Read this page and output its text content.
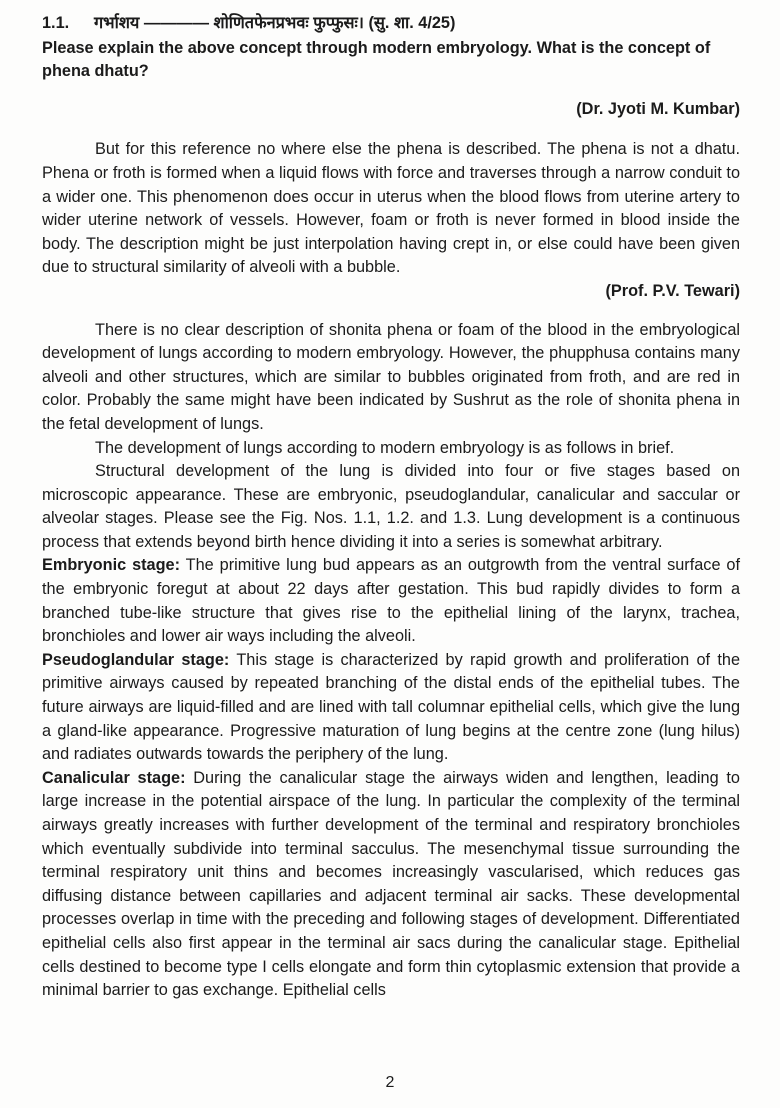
1.1. गर्भाशय ———— शोणितफेनप्रभवः फुप्फुसः। (सु. शा. 4/25)
Please explain the above concept through modern embryology. What is the concept of phena dhatu?
(Dr. Jyoti M. Kumbar)

But for this reference no where else the phena is described. The phena is not a dhatu. Phena or froth is formed when a liquid flows with force and traverses through a narrow conduit to a wider one. This phenomenon does occur in uterus when the blood flows from uterine artery to wider uterine network of vessels. However, foam or froth is never formed in blood inside the body. The description might be just interpolation having crept in, or else could have been given due to structural similarity of alveoli with a bubble.

(Prof. P.V. Tewari)

There is no clear description of shonita phena or foam of the blood in the embryological development of lungs according to modern embryology. However, the phupphusa contains many alveoli and other structures, which are similar to bubbles originated from froth, and are red in color. Probably the same might have been indicated by Sushrut as the role of shonita phena in the fetal development of lungs.

The development of lungs according to modern embryology is as follows in brief.

Structural development of the lung is divided into four or five stages based on microscopic appearance. These are embryonic, pseudoglandular, canalicular and saccular or alveolar stages. Please see the Fig. Nos. 1.1, 1.2. and 1.3. Lung development is a continuous process that extends beyond birth hence dividing it into a series is somewhat arbitrary.

Embryonic stage: The primitive lung bud appears as an outgrowth from the ventral surface of the embryonic foregut at about 22 days after gestation. This bud rapidly divides to form a branched tube-like structure that gives rise to the epithelial lining of the larynx, trachea, bronchioles and lower air ways including the alveoli.

Pseudoglandular stage: This stage is characterized by rapid growth and proliferation of the primitive airways caused by repeated branching of the distal ends of the epithelial tubes. The future airways are liquid-filled and are lined with tall columnar epithelial cells, which give the lung a gland-like appearance. Progressive maturation of lung begins at the centre zone (lung hilus) and radiates outwards towards the periphery of the lung.

Canalicular stage: During the canalicular stage the airways widen and lengthen, leading to large increase in the potential airspace of the lung. In particular the complexity of the terminal airways greatly increases with further development of the terminal and respiratory bronchioles which eventually subdivide into terminal sacculus. The mesenchymal tissue surrounding the terminal respiratory unit thins and becomes increasingly vascularised, which reduces gas diffusing distance between capillaries and adjacent terminal air sacks. These developmental processes overlap in time with the preceding and following stages of development. Differentiated epithelial cells also first appear in the terminal air sacs during the canalicular stage. Epithelial cells destined to become type I cells elongate and form thin cytoplasmic extension that provide a minimal barrier to gas exchange. Epithelial cells

2
